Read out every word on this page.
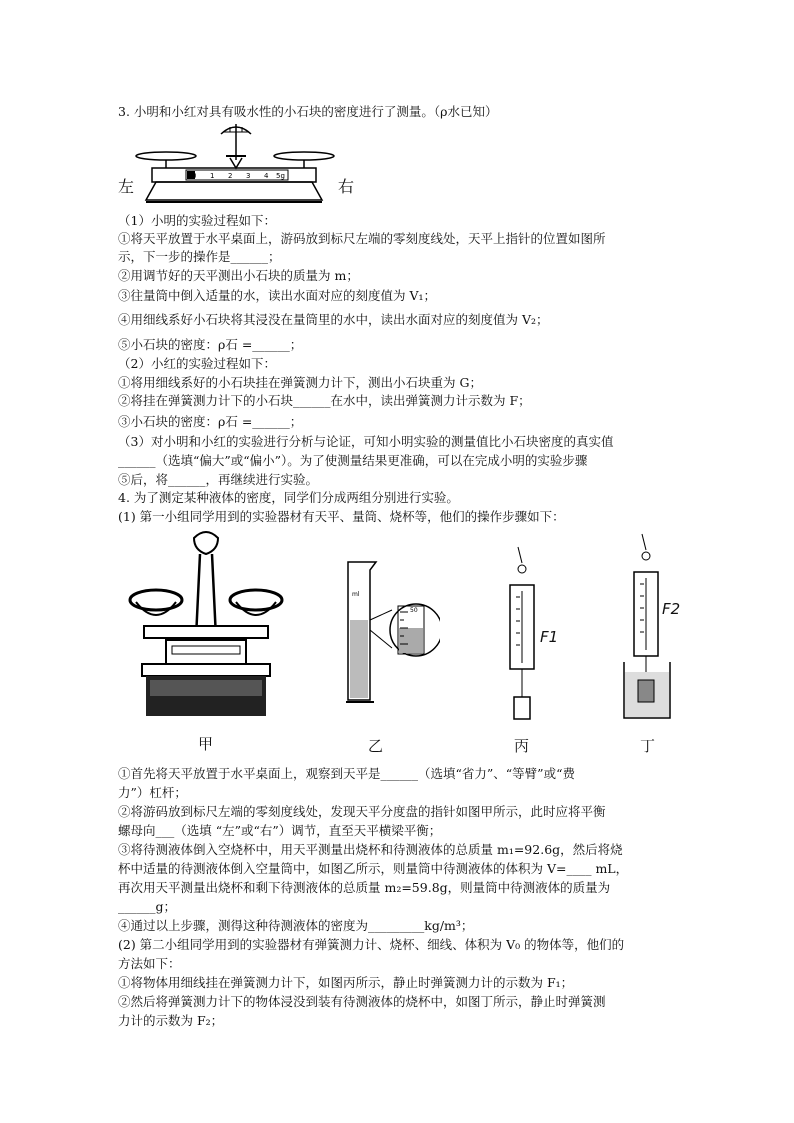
3. 小明和小红对具有吸水性的小石块的密度进行了测量。（ρ水已知）
0 1 2 3 4 5g
左	右
（1）小明的实验过程如下：
①将天平放置于水平桌面上，游码放到标尺左端的零刻度线处，天平上指针的位置如图所
示，下一步的操作是______；
②用调节好的天平测出小石块的质量为 m；
③往量筒中倒入适量的水，读出水面对应的刻度值为 V₁；
④用细线系好小石块将其浸没在量筒里的水中，读出水面对应的刻度值为 V₂；
⑤小石块的密度：ρ石 =______；
（2）小红的实验过程如下：
①将用细线系好的小石块挂在弹簧测力计下，测出小石块重为 G；
②将挂在弹簧测力计下的小石块______在水中，读出弹簧测力计示数为 F；
③小石块的密度：ρ石 =______；
（3）对小明和小红的实验进行分析与论证，可知小明实验的测量值比小石块密度的真实值
______（选填“偏大”或“偏小”）。为了使测量结果更准确，可以在完成小明的实验步骤
⑤后，将______，再继续进行实验。
4. 为了测定某种液体的密度，同学们分成两组分别进行实验。
(1) 第一小组同学用到的实验器材有天平、量筒、烧杯等，他们的操作步骤如下：
甲
50
ml
乙
F1
丙
F2
丁
①首先将天平放置于水平桌面上，观察到天平是______（选填“省力”、“等臂”或“费
力”）杠杆；
②将游码放到标尺左端的零刻度线处，发现天平分度盘的指针如图甲所示，此时应将平衡
螺母向___（选填 “左”或“右”）调节，直至天平横梁平衡；
③将待测液体倒入空烧杯中，用天平测量出烧杯和待测液体的总质量 m₁=92.6g，然后将烧
杯中适量的待测液体倒入空量筒中，如图乙所示，则量筒中待测液体的体积为 V=____ mL，
再次用天平测量出烧杯和剩下待测液体的总质量 m₂=59.8g，则量筒中待测液体的质量为
______g；
④通过以上步骤，测得这种待测液体的密度为_________kg/m³；
(2) 第二小组同学用到的实验器材有弹簧测力计、烧杯、细线、体积为 V₀ 的物体等，他们的
方法如下：
①将物体用细线挂在弹簧测力计下，如图丙所示，静止时弹簧测力计的示数为 F₁；
②然后将弹簧测力计下的物体浸没到装有待测液体的烧杯中，如图丁所示，静止时弹簧测
力计的示数为 F₂；
